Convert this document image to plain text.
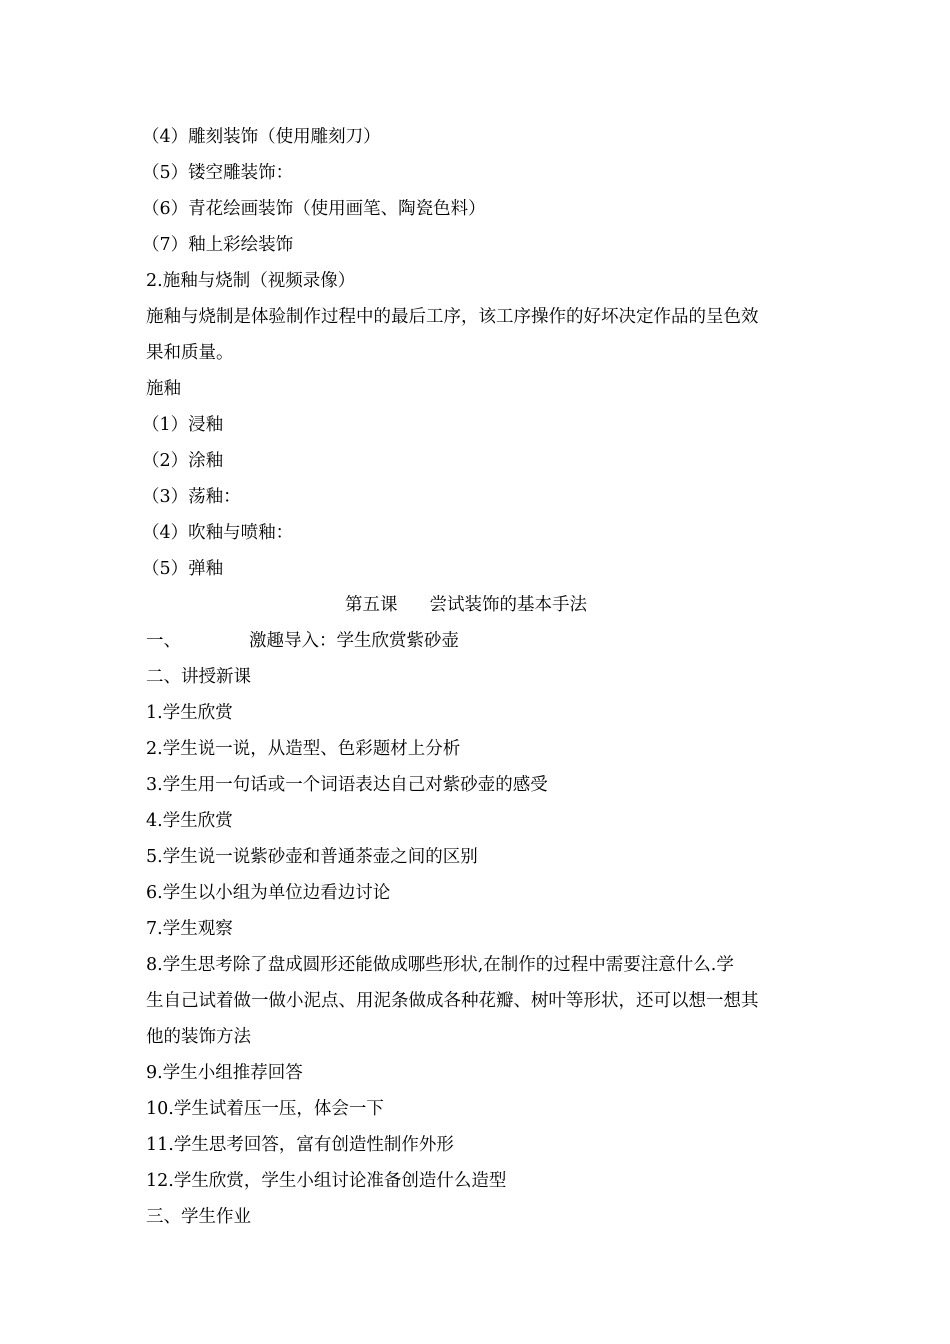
（4）雕刻装饰（使用雕刻刀）
（5）镂空雕装饰：
（6）青花绘画装饰（使用画笔、陶瓷色料）
（7）釉上彩绘装饰
2.施釉与烧制（视频录像）
施釉与烧制是体验制作过程中的最后工序，该工序操作的好坏决定作品的呈色效
果和质量。
施釉
（1）浸釉
（2）涂釉
（3）荡釉：
（4）吹釉与喷釉：
（5）弹釉
第五课 尝试装饰的基本手法
一、	激趣导入：学生欣赏紫砂壶
二、讲授新课
1.学生欣赏
2.学生说一说，从造型、色彩题材上分析
3.学生用一句话或一个词语表达自己对紫砂壶的感受
4.学生欣赏
5.学生说一说紫砂壶和普通茶壶之间的区别
6.学生以小组为单位边看边讨论
7.学生观察
8.学生思考除了盘成圆形还能做成哪些形状,在制作的过程中需要注意什么.学
生自己试着做一做小泥点、用泥条做成各种花瓣、树叶等形状，还可以想一想其
他的装饰方法
9.学生小组推荐回答
10.学生试着压一压，体会一下
11.学生思考回答，富有创造性制作外形
12.学生欣赏，学生小组讨论准备创造什么造型
三、学生作业
